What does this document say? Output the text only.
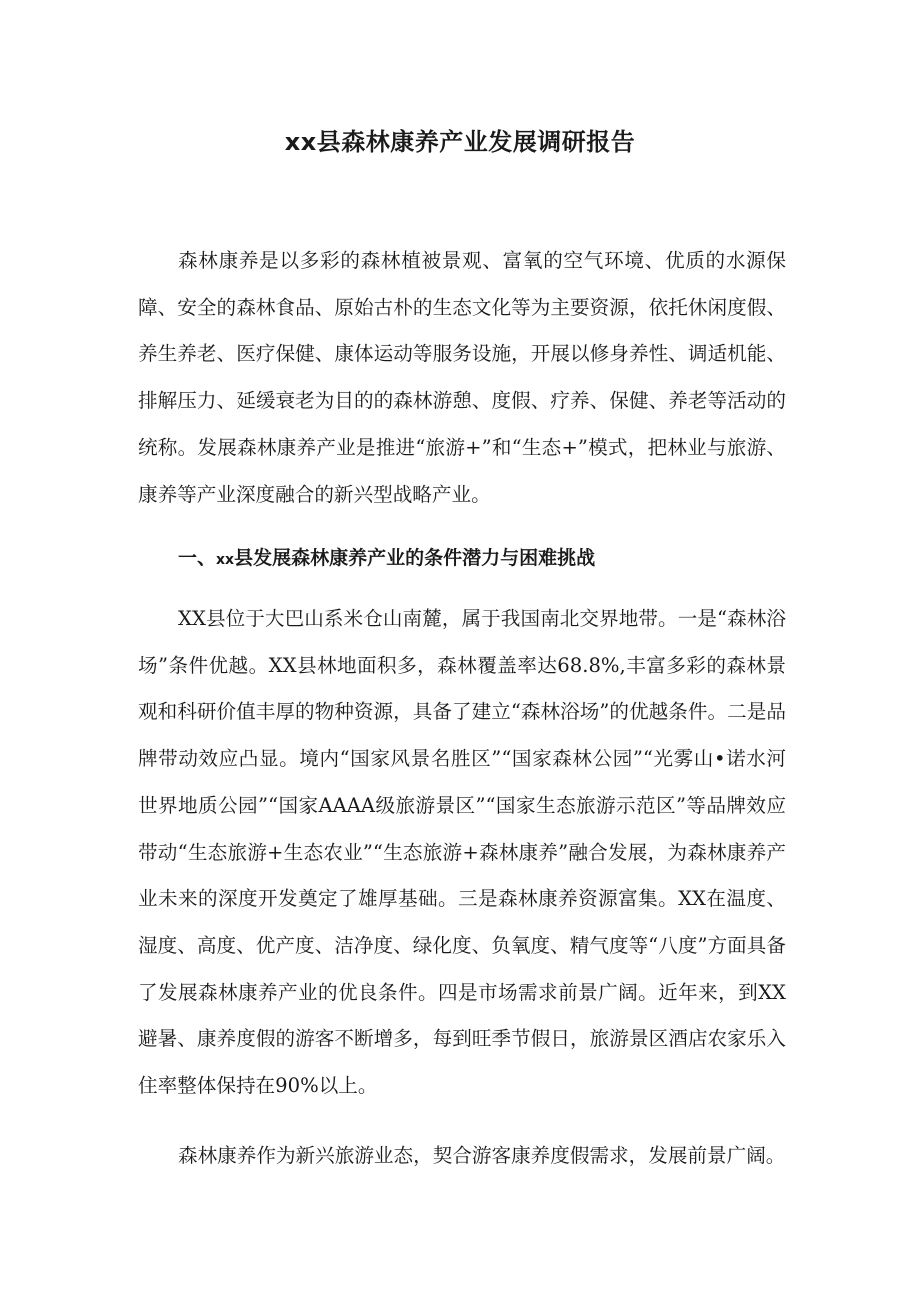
xx县森林康养产业发展调研报告

森林康养是以多彩的森林植被景观、富氧的空气环境、优质的水源保障、安全的森林食品、原始古朴的生态文化等为主要资源，依托休闲度假、养生养老、医疗保健、康体运动等服务设施，开展以修身养性、调适机能、排解压力、延缓衰老为目的的森林游憩、度假、疗养、保健、养老等活动的统称。发展森林康养产业是推进“旅游+”和“生态+”模式，把林业与旅游、康养等产业深度融合的新兴型战略产业。

一、xx县发展森林康养产业的条件潜力与困难挑战

XX县位于大巴山系米仓山南麓，属于我国南北交界地带。一是“森林浴场”条件优越。XX县林地面积多，森林覆盖率达68.8%,丰富多彩的森林景观和科研价值丰厚的物种资源，具备了建立“森林浴场”的优越条件。二是品牌带动效应凸显。境内“国家风景名胜区”“国家森林公园”“光雾山•诺水河世界地质公园”“国家AAAA级旅游景区”“国家生态旅游示范区”等品牌效应带动“生态旅游+生态农业”“生态旅游+森林康养”融合发展，为森林康养产业未来的深度开发奠定了雄厚基础。三是森林康养资源富集。XX在温度、湿度、高度、优产度、洁净度、绿化度、负氧度、精气度等“八度”方面具备了发展森林康养产业的优良条件。四是市场需求前景广阔。近年来，到XX避暑、康养度假的游客不断增多，每到旺季节假日，旅游景区酒店农家乐入住率整体保持在90%以上。

森林康养作为新兴旅游业态，契合游客康养度假需求，发展前景广阔。
